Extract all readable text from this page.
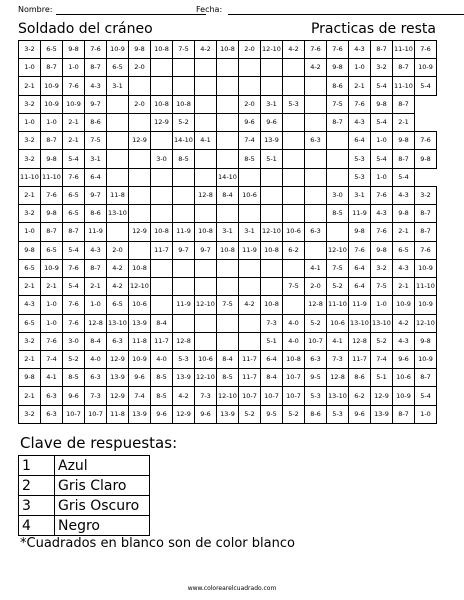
Nombre:	Fecha:
Soldado del cráneo	Practicas de resta
3-2	6-5	9-8	7-6	10-9	9-8	10-8	7-5	4-2	10-8	2-0	12-10	4-2	7-6	7-6	4-3	8-7	11-10	7-6
1-0	8-7	1-0	8-7	6-5	2-0								4-2	9-8	1-0	3-2	8-7	10-9
2-1	10-9	7-6	4-3	3-1										8-6	2-1	5-4	11-10	5-4
3-2	10-9	10-9	9-7		2-0	10-8	10-8			2-0	3-1	5-3		7-5	7-6	9-8	8-7	
1-0	1-0	2-1	8-6			12-9	5-2			9-6	9-6			8-7	4-3	5-4	2-1	
3-2	8-7	2-1	7-5		12-9		14-10	4-1		7-4	13-9		6-3		6-4	1-0	9-8	7-6
3-2	9-8	5-4	3-1			3-0	8-5			8-5	5-1				5-3	5-4	8-7	9-8
11-10	11-10	7-6	6-4						14-10						5-3	1-0	5-4	
2-1	7-6	6-5	9-7	11-8				12-8	8-4	10-6				3-0	3-1	7-6	4-3	3-2
3-2	9-8	6-5	8-6	13-10										8-5	11-9	4-3	9-8	8-7
1-0	8-7	8-7	11-9		12-9	10-8	11-9	10-8	3-1	3-1	12-10	10-6	6-3		9-8	7-6	2-1	8-7
9-8	6-5	5-4	4-3	2-0		11-7	9-7	9-7	10-8	11-9	10-8	6-2		12-10	7-6	9-8	6-5	7-6
6-5	10-9	7-6	8-7	4-2	10-8								4-1	7-5	6-4	3-2	4-3	10-9
2-1	2-1	5-4	2-1	4-2	12-10							7-5	2-0	5-2	6-4	7-5	2-1	11-10
4-3	1-0	7-6	1-0	6-5	10-6		11-9	12-10	7-5	4-2	10-8		12-8	11-10	11-9	1-0	10-9	10-9
6-5	1-0	7-6	12-8	13-10	13-9	8-4					7-3	4-0	5-2	10-6	13-10	13-10	4-2	12-10
3-2	7-6	3-0	8-4	6-3	11-8	11-7	12-8				5-1	4-0	10-7	4-1	12-8	5-2	4-3	9-8
2-1	7-4	5-2	4-0	12-9	10-9	4-0	5-3	10-6	8-4	11-7	6-4	10-8	6-3	7-3	11-7	7-4	9-6	10-9
9-8	4-1	8-5	6-3	13-9	9-6	8-5	13-9	12-10	8-5	11-7	8-4	10-7	9-5	12-8	8-6	5-1	10-6	8-7
2-1	6-3	9-6	7-3	12-9	7-4	8-5	4-2	7-3	12-10	10-7	10-7	10-7	5-3	13-10	6-2	12-9	10-9	5-4
3-2	6-3	10-7	10-7	11-8	13-9	9-6	12-9	9-6	13-9	5-2	9-5	5-2	8-6	5-3	9-6	13-9	8-7	1-0
Clave de respuestas:
1	Azul
2	Gris Claro
3	Gris Oscuro
4	Negro
*Cuadrados en blanco son de color blanco
www.colorearelcuadrado.com
